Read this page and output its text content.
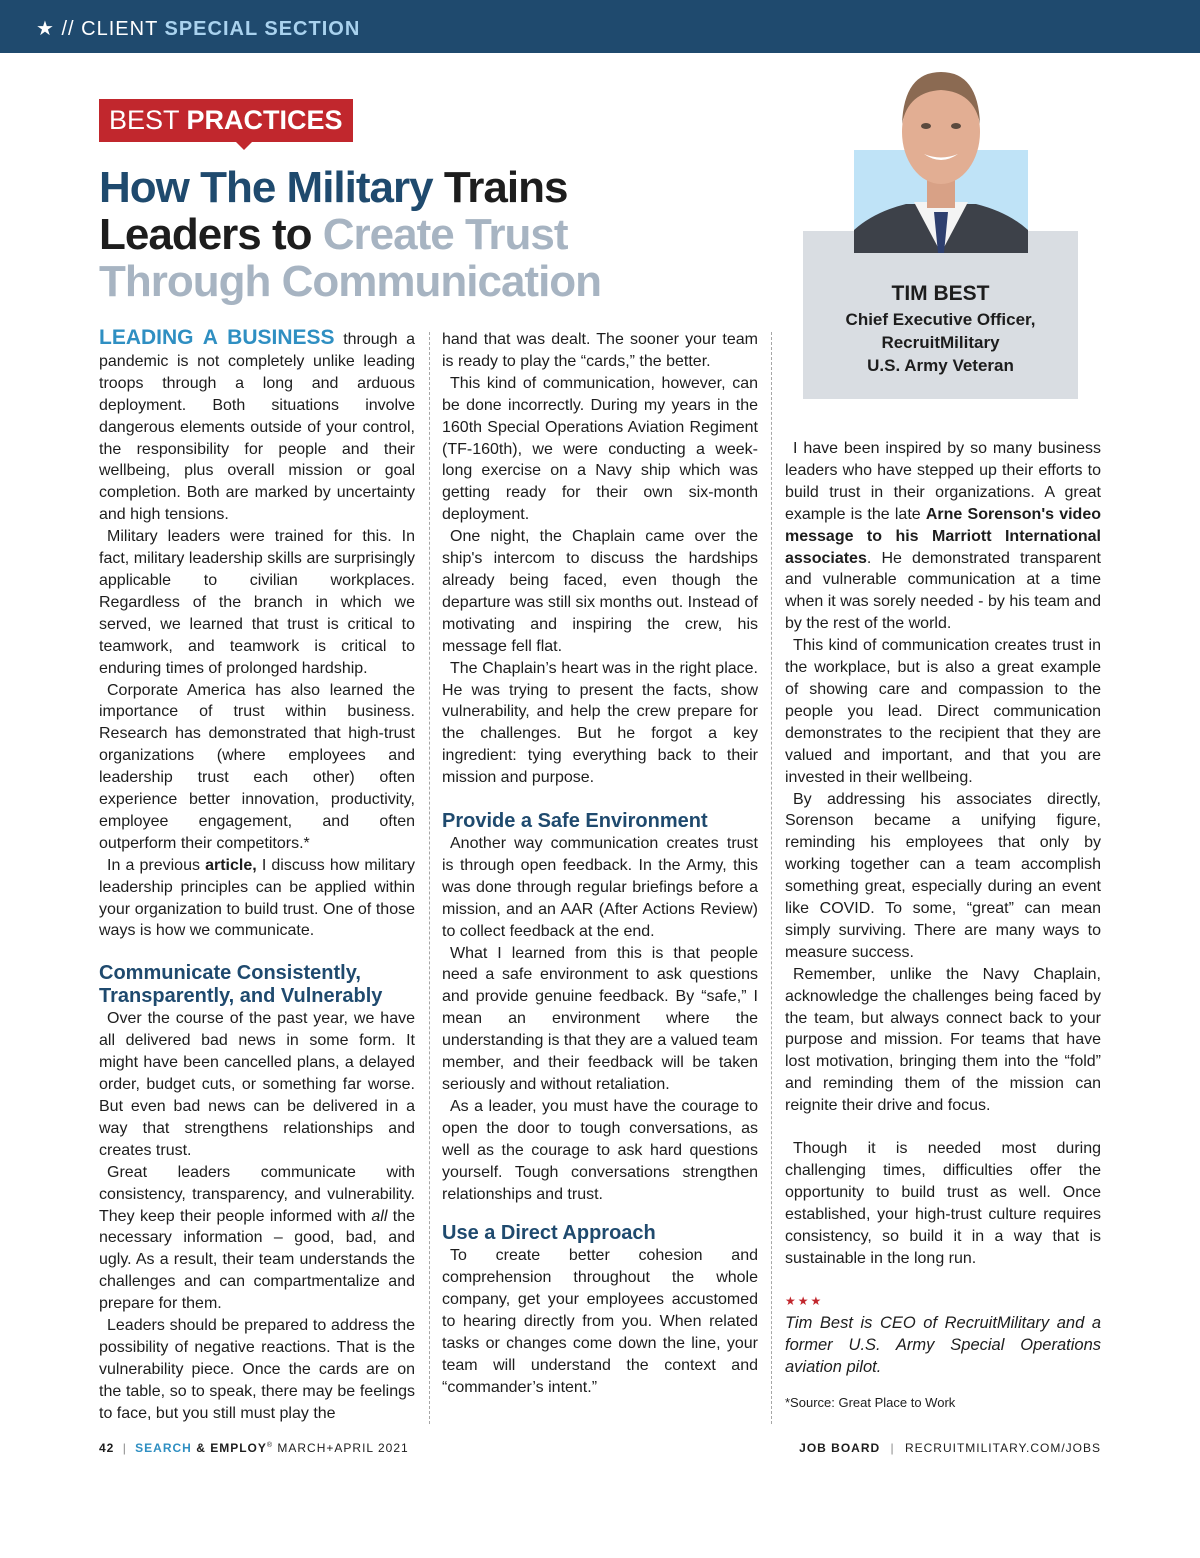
★ // CLIENT SPECIAL SECTION
BEST PRACTICES
How The Military Trains
Leaders to Create Trust
Through Communication	TIM BEST
Chief Executive Officer,
RecruitMilitary
U.S. Army Veteran

LEADING A BUSINESS through a pandemic is not completely unlike leading troops through a long and arduous deployment. Both situations involve dangerous elements outside of your control, the responsibility for people and their wellbeing, plus overall mission or goal completion. Both are marked by uncertainty and high tensions.

Military leaders were trained for this. In fact, military leadership skills are surprisingly applicable to civilian workplaces. Regardless of the branch in which we served, we learned that trust is critical to teamwork, and teamwork is critical to enduring times of prolonged hardship.

Corporate America has also learned the importance of trust within business. Research has demonstrated that high-trust organizations (where employees and leadership trust each other) often experience better innovation, productivity, employee engagement, and often outperform their competitors.*

In a previous article, I discuss how military leadership principles can be applied within your organization to build trust. One of those ways is how we communicate.

Communicate Consistently, Transparently, and Vulnerably

Over the course of the past year, we have all delivered bad news in some form. It might have been cancelled plans, a delayed order, budget cuts, or something far worse. But even bad news can be delivered in a way that strengthens relationships and creates trust.

Great leaders communicate with consistency, transparency, and vulnerability. They keep their people informed with all the necessary information – good, bad, and ugly. As a result, their team understands the challenges and can compartmentalize and prepare for them.

Leaders should be prepared to address the possibility of negative reactions. That is the vulnerability piece. Once the cards are on the table, so to speak, there may be feelings to face, but you still must play the

hand that was dealt. The sooner your team is ready to play the “cards,” the better.

This kind of communication, however, can be done incorrectly. During my years in the 160th Special Operations Aviation Regiment (TF-160th), we were conducting a week-long exercise on a Navy ship which was getting ready for their own six-month deployment.

One night, the Chaplain came over the ship's intercom to discuss the hardships already being faced, even though the departure was still six months out. Instead of motivating and inspiring the crew, his message fell flat.

The Chaplain’s heart was in the right place. He was trying to present the facts, show vulnerability, and help the crew prepare for the challenges. But he forgot a key ingredient: tying everything back to their mission and purpose.

Provide a Safe Environment

Another way communication creates trust is through open feedback. In the Army, this was done through regular briefings before a mission, and an AAR (After Actions Review) to collect feedback at the end.

What I learned from this is that people need a safe environment to ask questions and provide genuine feedback. By “safe,” I mean an environment where the understanding is that they are a valued team member, and their feedback will be taken seriously and without retaliation.

As a leader, you must have the courage to open the door to tough conversations, as well as the courage to ask hard questions yourself. Tough conversations strengthen relationships and trust.

Use a Direct Approach

To create better cohesion and comprehension throughout the whole company, get your employees accustomed to hearing directly from you. When related tasks or changes come down the line, your team will understand the context and “commander’s intent.”

I have been inspired by so many business leaders who have stepped up their efforts to build trust in their organizations. A great example is the late Arne Sorenson's video message to his Marriott International associates. He demonstrated transparent and vulnerable communication at a time when it was sorely needed - by his team and by the rest of the world.

This kind of communication creates trust in the workplace, but is also a great example of showing care and compassion to the people you lead. Direct communication demonstrates to the recipient that they are valued and important, and that you are invested in their wellbeing.

By addressing his associates directly, Sorenson became a unifying figure, reminding his employees that only by working together can a team accomplish something great, especially during an event like COVID. To some, “great” can mean simply surviving. There are many ways to measure success.

Remember, unlike the Navy Chaplain, acknowledge the challenges being faced by the team, but always connect back to your purpose and mission. For teams that have lost motivation, bringing them into the “fold” and reminding them of the mission can reignite their drive and focus.

Though it is needed most during challenging times, difficulties offer the opportunity to build trust as well. Once established, your high-trust culture requires consistency, so build it in a way that is sustainable in the long run.

★★★

Tim Best is CEO of RecruitMilitary and a former U.S. Army Special Operations aviation pilot.

*Source: Great Place to Work

42 | SEARCH & EMPLOY® MARCH+APRIL 2021	JOB BOARD | RECRUITMILITARY.COM/JOBS
